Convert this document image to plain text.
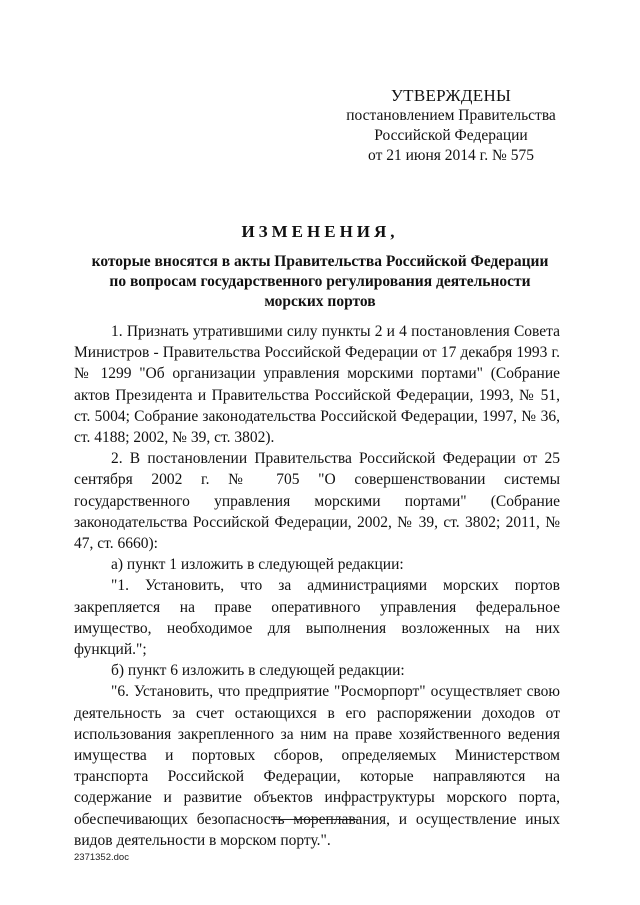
УТВЕРЖДЕНЫ
постановлением Правительства
Российской Федерации
от 21 июня 2014 г. № 575
ИЗМЕНЕНИЯ,
которые вносятся в акты Правительства Российской Федерации
по вопросам государственного регулирования деятельности
морских портов

1. Признать утратившими силу пункты 2 и 4 постановления Совета Министров - Правительства Российской Федерации от 17 декабря 1993 г. № 1299 "Об организации управления морскими портами" (Собрание актов Президента и Правительства Российской Федерации, 1993, № 51, ст. 5004; Собрание законодательства Российской Федерации, 1997, № 36, ст. 4188; 2002, № 39, ст. 3802).

2. В постановлении Правительства Российской Федерации от 25 сентября 2002 г. № 705 "О совершенствовании системы государственного управления морскими портами" (Собрание законодательства Российской Федерации, 2002, № 39, ст. 3802; 2011, № 47, ст. 6660):

а) пункт 1 изложить в следующей редакции:

"1. Установить, что за администрациями морских портов закрепляется на праве оперативного управления федеральное имущество, необходимое для выполнения возложенных на них функций.";

б) пункт 6 изложить в следующей редакции:

"6. Установить, что предприятие "Росморпорт" осуществляет свою деятельность за счет остающихся в его распоряжении доходов от использования закрепленного за ним на праве хозяйственного ведения имущества и портовых сборов, определяемых Министерством транспорта Российской Федерации, которые направляются на содержание и развитие объектов инфраструктуры морского порта, обеспечивающих безопасность мореплавания, и осуществление иных видов деятельности в морском порту.".

2371352.doc
